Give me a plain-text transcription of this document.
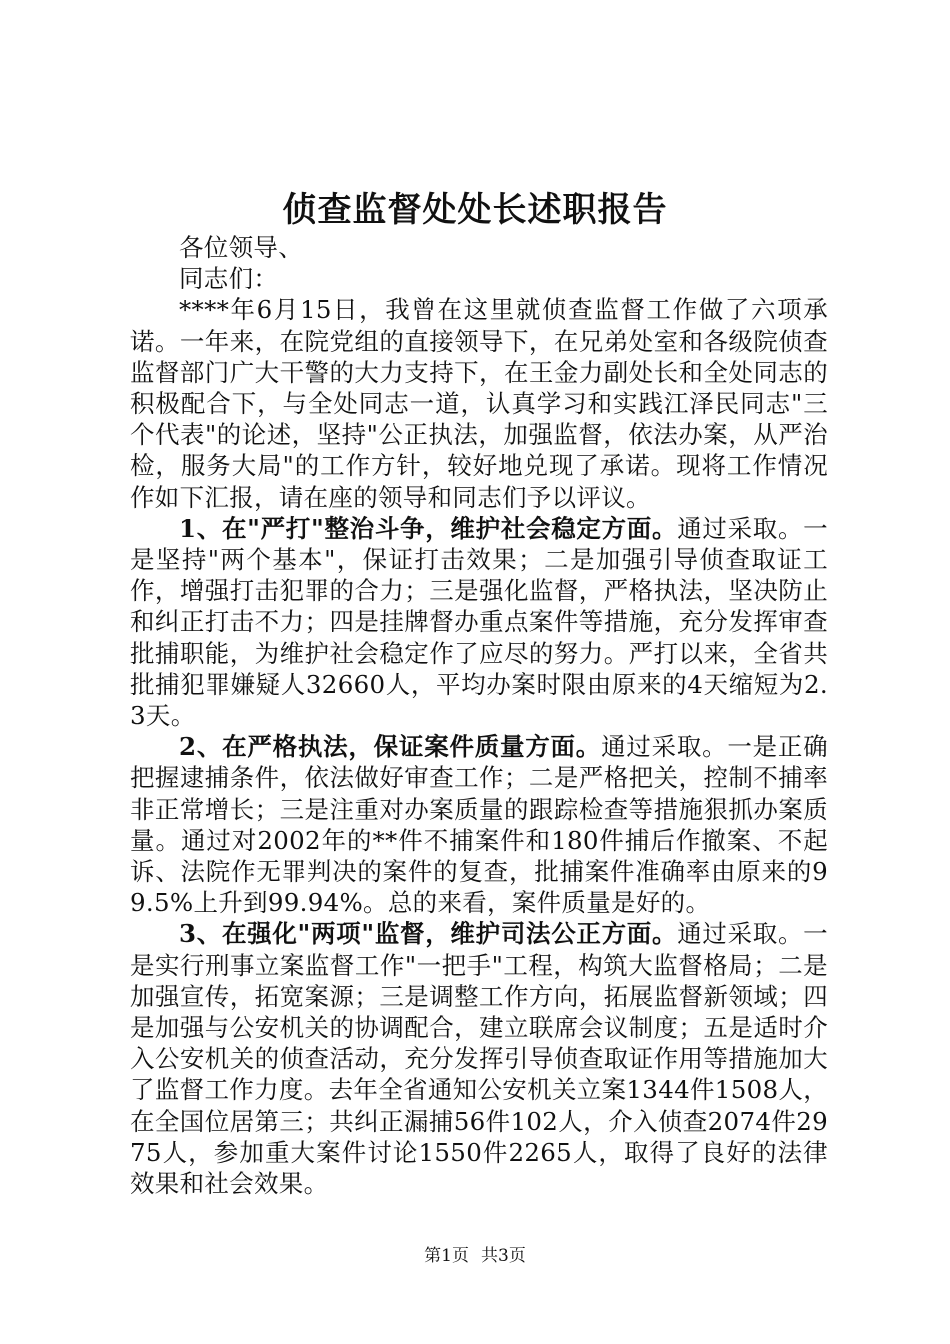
侦查监督处处长述职报告

各位领导、

同志们：

****年6月15日，我曾在这里就侦查监督工作做了六项承诺。一年来，在院党组的直接领导下，在兄弟处室和各级院侦查监督部门广大干警的大力支持下，在王金力副处长和全处同志的积极配合下，与全处同志一道，认真学习和实践江泽民同志"三个代表"的论述，坚持"公正执法，加强监督，依法办案，从严治检，服务大局"的工作方针，较好地兑现了承诺。现将工作情况作如下汇报，请在座的领导和同志们予以评议。

1、在"严打"整治斗争，维护社会稳定方面。通过采取。一是坚持"两个基本"，保证打击效果；二是加强引导侦查取证工作，增强打击犯罪的合力；三是强化监督，严格执法，坚决防止和纠正打击不力；四是挂牌督办重点案件等措施，充分发挥审查批捕职能，为维护社会稳定作了应尽的努力。严打以来，全省共批捕犯罪嫌疑人32660人，平均办案时限由原来的4天缩短为2.3天。

2、在严格执法，保证案件质量方面。通过采取。一是正确把握逮捕条件，依法做好审查工作；二是严格把关，控制不捕率非正常增长；三是注重对办案质量的跟踪检查等措施狠抓办案质量。通过对2002年的**件不捕案件和180件捕后作撤案、不起诉、法院作无罪判决的案件的复查，批捕案件准确率由原来的99.5%上升到99.94%。总的来看，案件质量是好的。

3、在强化"两项"监督，维护司法公正方面。通过采取。一是实行刑事立案监督工作"一把手"工程，构筑大监督格局；二是加强宣传，拓宽案源；三是调整工作方向，拓展监督新领域；四是加强与公安机关的协调配合，建立联席会议制度；五是适时介入公安机关的侦查活动，充分发挥引导侦查取证作用等措施加大了监督工作力度。去年全省通知公安机关立案1344件1508人，在全国位居第三；共纠正漏捕56件102人，介入侦查2074件2975人，参加重大案件讨论1550件2265人，取得了良好的法律效果和社会效果。

第1页 共3页
